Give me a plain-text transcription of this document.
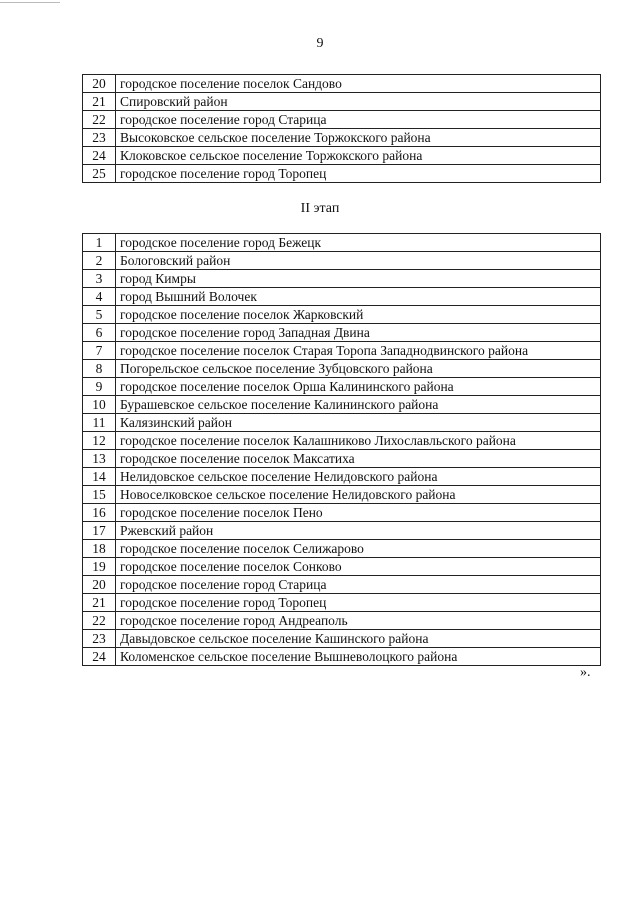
9
20	городское поселение поселок Сандово
21	Спировский район
22	городское поселение город Старица
23	Высоковское сельское поселение Торжокского района
24	Клоковское сельское поселение Торжокского района
25	городское поселение город Торопец
II этап
1	городское поселение город Бежецк
2	Бологовский район
3	город Кимры
4	город Вышний Волочек
5	городское поселение поселок Жарковский
6	городское поселение город Западная Двина
7	городское поселение поселок Старая Торопа Западнодвинского района
8	Погорельское сельское поселение Зубцовского района
9	городское поселение поселок Орша Калининского района
10	Бурашевское сельское поселение Калининского района
11	Калязинский район
12	городское поселение поселок Калашниково Лихославльского района
13	городское поселение поселок Максатиха
14	Нелидовское сельское поселение Нелидовского района
15	Новоселковское сельское поселение Нелидовского района
16	городское поселение поселок Пено
17	Ржевский район
18	городское поселение поселок Селижарово
19	городское поселение поселок Сонково
20	городское поселение город Старица
21	городское поселение город Торопец
22	городское поселение город Андреаполь
23	Давыдовское сельское поселение Кашинского района
24	Коломенское сельское поселение Вышневолоцкого района
».
